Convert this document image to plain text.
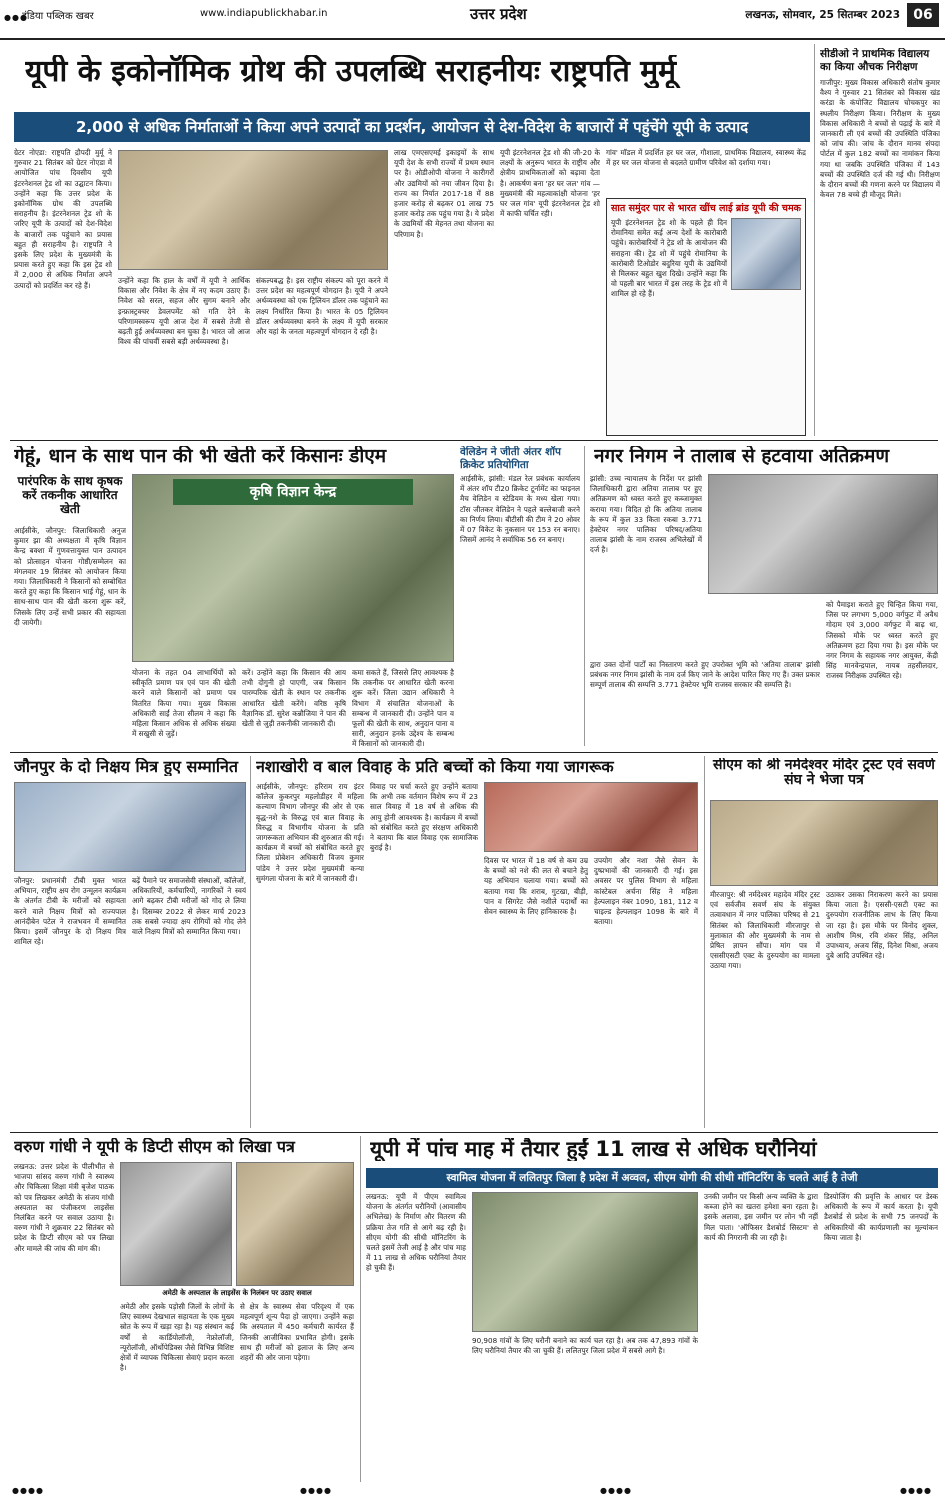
●●●
इंडिया पब्लिक खबर	www.indiapublickhabar.in	उत्तर प्रदेश	लखनऊ, सोमवार, 25 सितम्बर 2023 06
यूपी के इकोनॉमिक ग्रोथ की उपलब्धि सराहनीयः राष्ट्रपति मुर्मू
2,000 से अधिक निर्माताओं ने किया अपने उत्पादों का प्रदर्शन, आयोजन से देश-विदेश के बाजारों में पहुंचेंगे यूपी के उत्पाद
ग्रेटर नोएडा: राष्ट्रपति द्रौपदी मुर्मू ने गुरुवार 21 सितंबर को ग्रेटर नोएडा में आयोजित पांच दिवसीय यूपी इंटरनेशनल ट्रेड शो का उद्घाटन किया। उन्होंने कहा कि उत्तर प्रदेश के इकोनॉमिक ग्रोथ की उपलब्धि सराहनीय है। इंटरनेशनल ट्रेड शो के जरिए यूपी के उत्पादों को देश-विदेश के बाजारों तक पहुंचाने का प्रयास बहुत ही सराहनीय है। राष्ट्रपति ने इसके लिए प्रदेश के मुख्यमंत्री के प्रयास करते हुए कहा कि इस ट्रेड शो में 2,000 से अधिक निर्माता अपने उत्पादों को प्रदर्शित कर रहे हैं।
उन्होंने कहा कि हाल के वर्षों में यूपी ने आर्थिक विकास और निवेश के क्षेत्र में नए कदम उठाए हैं। निवेश को सरल, सहज और सुगम बनाने और इन्फ्रास्ट्रक्चर डेवलपमेंट को गति देने के परिणामस्वरूप यूपी आज देश में सबसे तेजी से बढ़ती हुई अर्थव्यवस्था बन चुका है। भारत जो आज विश्व की पांचवीं सबसे बड़ी अर्थव्यवस्था है।
संकल्पबद्ध है। इस राष्ट्रीय संकल्प को पूरा करने में उत्तर प्रदेश का महत्वपूर्ण योगदान है। यूपी ने अपने अर्थव्यवस्था को एक ट्रिलियन डॉलर तक पहुंचाने का लक्ष्य निर्धारित किया है। भारत के 05 ट्रिलियन डॉलर अर्थव्यवस्था बनने के लक्ष्य में यूपी सरकार और यहां के जनता महत्वपूर्ण योगदान दे रही है।
लाख एमएसएमई इकाइयों के साथ यूपी देश के सभी राज्यों में प्रथम स्थान पर है। ओडीओपी योजना ने कारीगरों और उद्यमियों को नया जीवन दिया है। राज्य का निर्यात 2017-18 में 88 हजार करोड़ से बढ़कर 01 लाख 75 हजार करोड़ तक पहुंच गया है। ये प्रदेश के उद्यमियों की मेहनत तथा योजना का परिणाम है।
यूपी इंटरनेशनल ट्रेड शो की जी-20 के लक्ष्यों के अनुरूप भारत के राष्ट्रीय और क्षेत्रीय प्राथमिकताओं को बढ़ावा देता है। आकर्षण बना 'हर घर जल' गांव — मुख्यमंत्री की महत्वाकांक्षी योजना 'हर घर जल गांव' यूपी इंटरनेशनल ट्रेड शो में काफी चर्चित रही।
गांव' मॉडल में प्रदर्शित हर घर जल, गौशाला, प्राथमिक विद्यालय, स्वास्थ्य केंद्र में हर घर जल योजना से बदलते ग्रामीण परिवेश को दर्शाया गया।
सात समुंदर पार से भारत खींच लाई ब्रांड यूपी की चमक
यूपी इंटरनेशनल ट्रेड शो के पहले ही दिन रोमानिया समेत कई अन्य देशों के कारोबारी पहुंचे। कारोबारियों ने ट्रेड शो के आयोजन की सराहना की। ट्रेड शो में पहुंचे रोमानिया के कारोबारी टिओडोर बदुरिया यूपी के उद्यमियों से मिलकर बहुत खुश दिखे। उन्होंने कहा कि वो पहली बार भारत में इस तरह के ट्रेड शो में शामिल हो रहे हैं।
सीडीओ ने प्राथमिक विद्यालय का किया औचक निरीक्षण
गाजीपुर: मुख्य विकास अधिकारी संतोष कुमार वैश्य ने गुरुवार 21 सितंबर को विकास खंड करंडा के कंपोजिट विद्यालय चोचकपुर का स्थलीय निरीक्षण किया। निरीक्षण के मुख्य विकास अधिकारी ने बच्चों से पढ़ाई के बारे में जानकारी ली एवं बच्चों की उपस्थिति पंजिका को जांच की। जांच के दौरान मानव संपदा पोर्टल में कुल 182 बच्चों का नामांकन किया गया था जबकि उपस्थिति पंजिका में 143 बच्चों की उपस्थिति दर्ज की गई थी। निरीक्षण के दौरान बच्चों की गणना करने पर विद्यालय में केवल 78 बच्चे ही मौजूद मिले।
गेहूं, धान के साथ पान की भी खेती करें किसानः डीएम
पारंपरिक के साथ कृषक करें तकनीक आधारित खेती
आईसीके, जौनपुर: जिलाधिकारी अनुज कुमार झा की अध्यक्षता में कृषि विज्ञान केन्द्र बक्शा में गुणवत्तायुक्त पान उत्पादन को प्रोत्साहन योजना गोष्ठी/सम्मेलन का मंगलवार 19 सितंबर को आयोजन किया गया। जिलाधिकारी ने किसानों को सम्बोधित करते हुए कहा कि किसान भाई गेहूं, धान के साथ-साथ पान की खेती करना शुरू करें, जिसके लिए उन्हें सभी प्रकार की सहायता दी जायेगी।
कृषि विज्ञान केन्द्र
योजना के तहत 04 लाभार्थियों को स्वीकृति प्रमाण पत्र एवं पान की खेती करने वाले किसानों को प्रमाण पत्र वितरित किया गया। मुख्य विकास अधिकारी साईं तेजा सीलम ने कहा कि महिला किसान अधिक से अधिक संख्या में सखुसी से जुड़ें।
करें। उन्होंने कहा कि किसान की आय तभी दोगुनी हो पाएगी, जब किसान पारम्परिक खेती के स्थान पर तकनीक आधारित खेती करेंगे। वरिष्ठ कृषि वैज्ञानिक डॉ. सुरेश कन्नौजिया ने पान की खेती से जुड़ी तकनीकी जानकारी दी।
कमा सकते हैं, जिससे लिए आवश्यक है कि तकनीक पर आधारित खेती करना शुरू करें। जिला उद्यान अधिकारी ने विभाग में संचालित योजनाओं के सम्बन्ध में जानकारी दी। उन्होंने पान व फूलों की खेती के साथ, अनुदान पाना व सारी, अनुदान हनके उद्देश्य के सम्बन्ध में किसानों को जानकारी दी।
वेलिडेन ने जीती अंतर शॉप क्रिकेट प्रतियोगिता
आईसीके, झांसी: मंडल रेल प्रबंधक कार्यालय में अंतर शॉप टी20 क्रिकेट टूर्नामेंट का फाइनल मैच वेलिडेन व स्टेडियम के मध्य खेला गया। टॉस जीतकर वेलिडेन ने पहले बल्लेबाजी करने का निर्णय लिया। बीटीसी की टीम ने 20 ओवर में 07 विकेट के नुकसान पर 153 रन बनाए। जिसमें आनंद ने सर्वाधिक 56 रन बनाए।
नगर निगम ने तालाब से हटवाया अतिक्रमण
झांसी: उच्च न्यायालय के निर्देश पर झांसी जिलाधिकारी द्वारा अतिया तालाब पर हुए अतिक्रमण को ध्वस्त करते हुए कब्जामुक्त कराया गया। विदित हो कि अतिया तालाब के रूप में कुल 33 किता रकबा 3.771 हेक्टेयर नगर पालिका परिषद/अतिया तालाब झांसी के नाम राजस्व अभिलेखों में दर्ज है।
द्वारा उक्त दोनों पार्टों का निस्तारण करते हुए उपरोक्त भूमि को 'अतिया तालाब' झांसी प्रबंधक नगर निगम झांसी के नाम दर्ज किए जाने के आदेश पारित किए गए हैं। उक्त प्रकार सम्पूर्ण तालाब की सम्पत्ति 3.771 हेक्टेयर भूमि राजस्व सरकार की सम्पत्ति है।
को पैमाइश कराते हुए चिन्हित किया गया, जिस पर लगभग 5,000 वर्गफुट में अवैध गोदाम एवं 3,000 वर्गफुट में बाढ़ था, जिसको मौके पर ध्वस्त करते हुए अतिक्रमण हटा दिया गया है। इस मौके पर नगर निगम के सहायक नगर आयुक्त, केंद्री सिंह मानवेन्द्रपाल, नायब तहसीलदार, राजस्व निरीक्षक उपस्थित रहे।
जौनपुर के दो निक्षय मित्र हुए सम्मानित
जौनपुर: प्रधानमंत्री टीबी मुक्त भारत अभियान, राष्ट्रीय क्षय रोग उन्मूलन कार्यक्रम के अंतर्गत टीबी के मरीजों को सहायता करने वाले निक्षय मित्रों को राज्यपाल आनंदीबेन पटेल ने राजभवन में सम्मानित किया। इसमें जौनपुर के दो निक्षय मित्र शामिल रहे।
बढ़ें पैमाने पर समाजसेवी संस्थाओं, कॉलेजों, अधिकारियों, कर्मचारियों, नागरिकों ने स्वयं आगे बढ़कर टीबी मरीजों को गोद ले लिया है। दिसम्बर 2022 से लेकर मार्च 2023 तक सबसे ज्यादा क्षय रोगियों को गोद लेने वाले निक्षय मित्रों को सम्मानित किया गया।
नशाखोरी व बाल विवाह के प्रति बच्चों को किया गया जागरूक
आईसीके, जौनपुर: हरिराम राय इंटर कॉलेज कुकरपुर महलोडीहर में महिला कल्याण विभाग जौनपुर की ओर से एक बृद्ध-नशे के विरुद्ध एवं बाल विवाह के विरुद्ध व विभागीय योजना के प्रति जागरूकता अभियान की शुरुआत की गई। कार्यक्रम में बच्चों को संबोधित करते हुए जिला प्रोबेशन अधिकारी विजय कुमार पांडेय ने उत्तर प्रदेश मुख्यमंत्री कन्या सुमंगला योजना के बारे में जानकारी दी।
विवाह पर चर्चा करते हुए उन्होंने बताया कि अभी तक वर्तमान विशेष रूप में 23 साल विवाह में 18 वर्ष से अधिक की आयु होनी आवश्यक है। कार्यक्रम में बच्चों को संबोधित करते हुए संरक्षण अधिकारी ने बताया कि बाल विवाह एक सामाजिक बुराई है।
दिवस पर भारत में 18 वर्ष से कम उम्र के बच्चों को नशे की लत से बचाने हेतु यह अभियान चलाया गया। बच्चों को बताया गया कि शराब, गुटखा, बीड़ी, पान व सिगरेट जैसे नशीले पदार्थों का सेवन स्वास्थ्य के लिए हानिकारक है।
उपयोग और नशा जैसे सेवन के दुष्प्रभावों की जानकारी दी गई। इस अवसर पर पुलिस विभाग से महिला कांस्टेबल अर्चना सिंह ने महिला हेल्पलाइन नंबर 1090, 181, 112 व चाइल्ड हेल्पलाइन 1098 के बारे में बताया।
सीएम को श्री नर्मदेश्वर मंदिर ट्रस्ट एवं सवर्ण संघ ने भेजा पत्र
मीरजापुर: श्री नर्मदेश्वर महादेव मंदिर ट्रस्ट एवं सर्वजीव सवर्ण संघ के संयुक्त तत्वावधान में नगर पालिका परिषद से 21 सितंबर को जिलाधिकारी मीरजापुर से मुलाकात की और मुख्यमंत्री के नाम से प्रेषित ज्ञापन सौंपा। मांग पत्र में एससीएसटी एक्ट के दुरुपयोग का मामला उठाया गया।
उठाकर उसका निराकरण करने का प्रयास किया जाता है। एससी-एसटी एक्ट का दुरुपयोग राजनीतिक लाभ के लिए किया जा रहा है। इस मौके पर विनोद शुक्ल, आशीष मिश्र, रवि शंकर सिंह, अनिल उपाध्याय, अजय सिंह, दिनेश मिश्रा, अजय दुबे आदि उपस्थित रहे।
वरुण गांधी ने यूपी के डिप्टी सीएम को लिखा पत्र
लखनऊ: उत्तर प्रदेश के पीलीभीत से भाजपा सांसद वरुण गांधी ने स्वास्थ्य और चिकित्सा शिक्षा मंत्री बृजेश पाठक को पत्र लिखकर अमेठी के संजय गांधी अस्पताल का पंजीकरण लाइसेंस निलंबित करने पर सवाल उठाया है। वरुण गांधी ने शुक्रवार 22 सितंबर को प्रदेश के डिप्टी सीएम को पत्र लिखा और मामले की जांच की मांग की।
अमेठी के अस्पताल के लाइसेंस के निलंबन पर उठाए सवाल
अमेठी और इसके पड़ोसी जिलों के लोगों के लिए स्वास्थ्य देखभाल सहायता के एक मुख्य स्रोत के रूप में खड़ा रहा है। यह संस्थान कई वर्षों से कार्डियोलॉजी, नेफ्रोलॉजी, न्यूरोलॉजी, ऑर्थोपेडिक्स जैसे विभिन्न विशिष्ट क्षेत्रों में व्यापक चिकित्सा सेवाएं प्रदान करता है।
से क्षेत्र के स्वास्थ्य सेवा परिदृश्य में एक महत्वपूर्ण शून्य पैदा हो जाएगा। उन्होंने कहा कि अस्पताल में 450 कर्मचारी कार्यरत हैं जिनकी आजीविका प्रभावित होगी। इसके साथ ही मरीजों को इलाज के लिए अन्य शहरों की ओर जाना पड़ेगा।
यूपी में पांच माह में तैयार हुईं 11 लाख से अधिक घरौनियां
स्वामित्व योजना में ललितपुर जिला है प्रदेश में अव्वल, सीएम योगी की सीधी मॉनिटरिंग के चलते आई है तेजी
लखनऊ: यूपी में पीएम स्वामित्व योजना के अंतर्गत घरौनियों (आवासीय अभिलेख) के निर्माण और वितरण की प्रक्रिया तेज गति से आगे बढ़ रही है। सीएम योगी की सीधी मॉनिटरिंग के चलते इसमें तेजी आई है और पांच माह में 11 लाख से अधिक घरौनियां तैयार हो चुकी हैं।
90,908 गांवों के लिए घरौनी बनाने का कार्य चल रहा है। अब तक 47,893 गांवों के लिए घरौनियां तैयार की जा चुकी हैं। ललितपुर जिला प्रदेश में सबसे आगे है।
उनकी जमीन पर किसी अन्य व्यक्ति के द्वारा कब्जा होने का खतरा हमेशा बना रहता है। इसके अलावा, इस जमीन पर लोन भी नहीं मिल पाता। 'ऑफिसर डैशबोर्ड सिस्टम' से कार्य की निगरानी की जा रही है।
डिस्पोजिंग की प्रवृत्ति के आधार पर डेस्क अधिकारी के रूप में कार्य करता है। यूपी डैशबोर्ड से प्रदेश के सभी 75 जनपदों के अधिकारियों की कार्यप्रणाली का मूल्यांकन किया जाता है।
●●●●	●●●●	●●●●	●●●●
